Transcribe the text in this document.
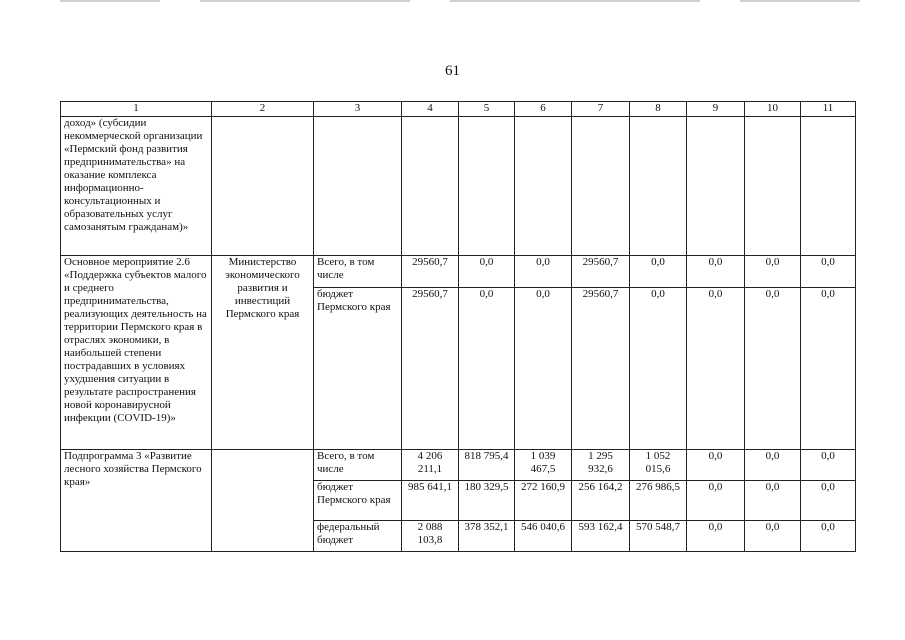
61
1	2	3	4	5	6	7	8	9	10	11
доход» (субсидии некоммерческой организации «Пермский фонд развития предпринимательства» на оказание комплекса информационно-консультационных и образовательных услуг самозанятым гражданам)»										
Основное мероприятие 2.6 «Поддержка субъектов малого и среднего предпринимательства, реализующих деятельность на территории Пермского края в отраслях экономики, в наибольшей степени пострадавших в условиях ухудшения ситуации в результате распространения новой коронавирусной инфекции (COVID-19)»	Министерство экономического развития и инвестиций Пермского края	Всего, в том числе	29560,7	0,0	0,0	29560,7	0,0	0,0	0,0	0,0
		бюджет Пермского края	29560,7	0,0	0,0	29560,7	0,0	0,0	0,0	0,0
Подпрограмма 3 «Развитие лесного хозяйства Пермского края»		Всего, в том числе	4 206 211,1	818 795,4	1 039 467,5	1 295 932,6	1 052 015,6	0,0	0,0	0,0
		бюджет Пермского края	985 641,1	180 329,5	272 160,9	256 164,2	276 986,5	0,0	0,0	0,0
		федеральный бюджет	2 088 103,8	378 352,1	546 040,6	593 162,4	570 548,7	0,0	0,0	0,0
